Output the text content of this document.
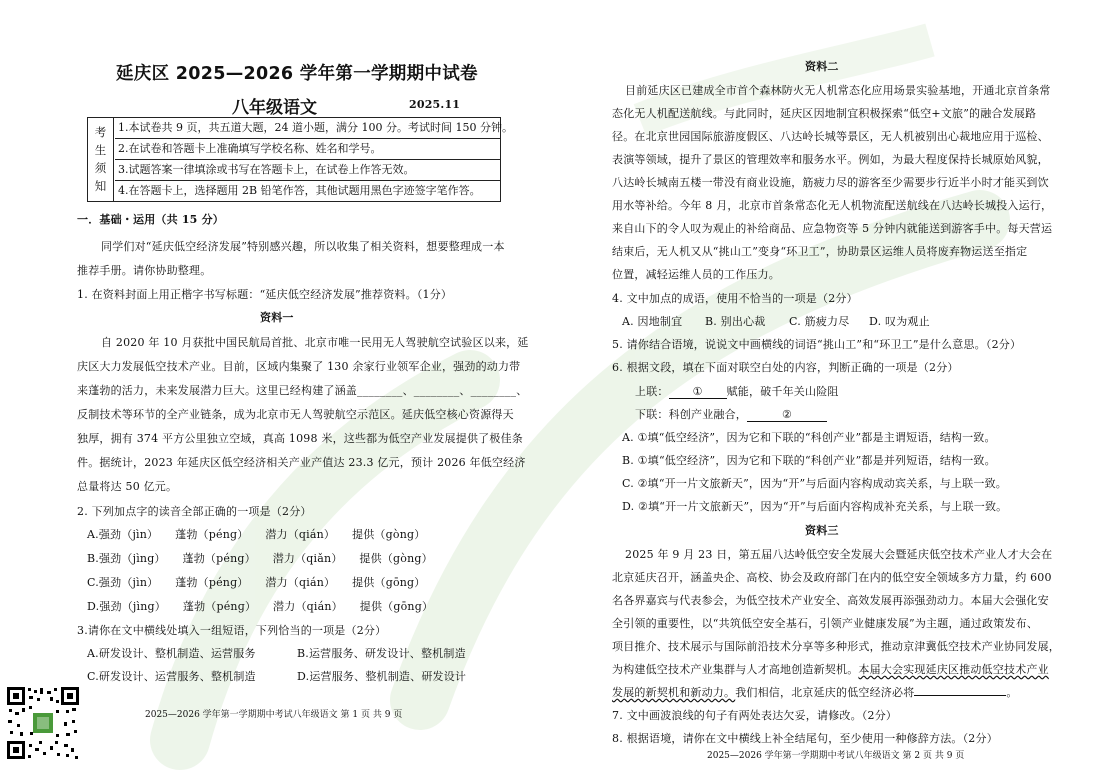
延庆区 2025—2026 学年第一学期期中试卷
八年级语文	2025.11
考
生
须
知
1.本试卷共 9 页，共五道大题，24 道小题，满分 100 分。考试时间 150 分钟。
2.在试卷和答题卡上准确填写学校名称、姓名和学号。
3.试题答案一律填涂或书写在答题卡上，在试卷上作答无效。
4.在答题卡上，选择题用 2B 铅笔作答，其他试题用黑色字迹签字笔作答。
一．基础・运用（共 15 分）
同学们对“延庆低空经济发展”特别感兴趣，所以收集了相关资料，想要整理成一本
推荐手册。请你协助整理。
1. 在资料封面上用正楷字书写标题：“延庆低空经济发展”推荐资料。（1分）
资料一
自 2020 年 10 月获批中国民航局首批、北京市唯一民用无人驾驶航空试验区以来，延
庆区大力发展低空技术产业。目前，区域内集聚了 130 余家行业领军企业，强劲的动力带
来蓬勃的活力，未来发展潜力巨大。这里已经构建了涵盖________、________、________、
反制技术等环节的全产业链条，成为北京市无人驾驶航空示范区。延庆低空核心资源得天
独厚，拥有 374 平方公里独立空域，真高 1098 米，这些都为低空产业发展提供了极佳条
件。据统计，2023 年延庆区低空经济相关产业产值达 23.3 亿元，预计 2026 年低空经济
总量将达 50 亿元。
2. 下列加点字的读音全部正确的一项是（2分）
A.强劲（jìn）　　蓬勃（péng）　　潜力（qián）　　提供（gòng）
B.强劲（jìng）　　蓬勃（péng）　　潜力（qiǎn）　　提供（gòng）
C.强劲（jìn）　　蓬勃（pénɡ）　　潜力（qián）　　提供（gōng）
D.强劲（jìng）　　蓬勃（pénɡ）　　潜力（qián）　　提供（gōng）
3.请你在文中横线处填入一组短语，下列恰当的一项是（2分）
A.研发设计、整机制造、运营服务	B.运营服务、研发设计、整机制造
C.研发设计、运营服务、整机制造	D.运营服务、整机制造、研发设计
2025—2026 学年第一学期期中考试八年级语文 第 1 页 共 9 页
资料二
目前延庆区已建成全市首个森林防火无人机常态化应用场景实验基地，开通北京首条常
态化无人机配送航线。与此同时，延庆区因地制宜积极探索“低空+文旅”的融合发展路
径。在北京世园国际旅游度假区、八达岭长城等景区，无人机被别出心裁地应用于巡检、
表演等领域，提升了景区的管理效率和服务水平。例如，为最大程度保持长城原始风貌，
八达岭长城南五楼一带没有商业设施，筋疲力尽的游客至少需要步行近半小时才能买到饮
用水等补给。今年 8 月，北京市首条常态化无人机物流配送航线在八达岭长城投入运行，
来自山下的令人叹为观止的补给商品、应急物资等 5 分钟内就能送到游客手中。每天营运
结束后，无人机又从“挑山工”变身“环卫工”，协助景区运维人员将废弃物运送至指定
位置，减轻运维人员的工作压力。
4. 文中加点的成语，使用不恰当的一项是（2分）
A. 因地制宜 B. 别出心裁 C. 筋疲力尽 D. 叹为观止
5. 请你结合语境，说说文中画横线的词语“挑山工”和“环卫工”是什么意思。（2分）
6. 根据文段，填在下面对联空白处的内容，判断正确的一项是（2分）
上联： ① 赋能，破千年关山险阻
下联：科创产业融合，	②
A. ①填“低空经济”，因为它和下联的“科创产业”都是主谓短语，结构一致。
B. ①填“低空经济”，因为它和下联的“科创产业”都是并列短语，结构一致。
C. ②填“开一片文旅新天”，因为“开”与后面内容构成动宾关系，与上联一致。
D. ②填“开一片文旅新天”，因为“开”与后面内容构成补充关系，与上联一致。
资料三
2025 年 9 月 23 日，第五届八达岭低空安全发展大会暨延庆低空技术产业人才大会在
北京延庆召开，涵盖央企、高校、协会及政府部门在内的低空安全领域多方力量，约 600
名各界嘉宾与代表参会，为低空技术产业安全、高效发展再添强劲动力。本届大会强化安
全引领的重要性，以“共筑低空安全基石，引领产业健康发展”为主题，通过政策发布、
项目推介、技术展示与国际前沿技术分享等多种形式，推动京津冀低空技术产业协同发展，
为构建低空技术产业集群与人才高地创造新契机。本届大会实现延庆区推动低空技术产业
发展的新契机和新动力。我们相信，北京延庆的低空经济必将	。
7. 文中画波浪线的句子有两处表达欠妥，请修改。（2分）
8. 根据语境，请你在文中横线上补全结尾句，至少使用一种修辞方法。（2分）
2025—2026 学年第一学期期中考试八年级语文 第 2 页 共 9 页
